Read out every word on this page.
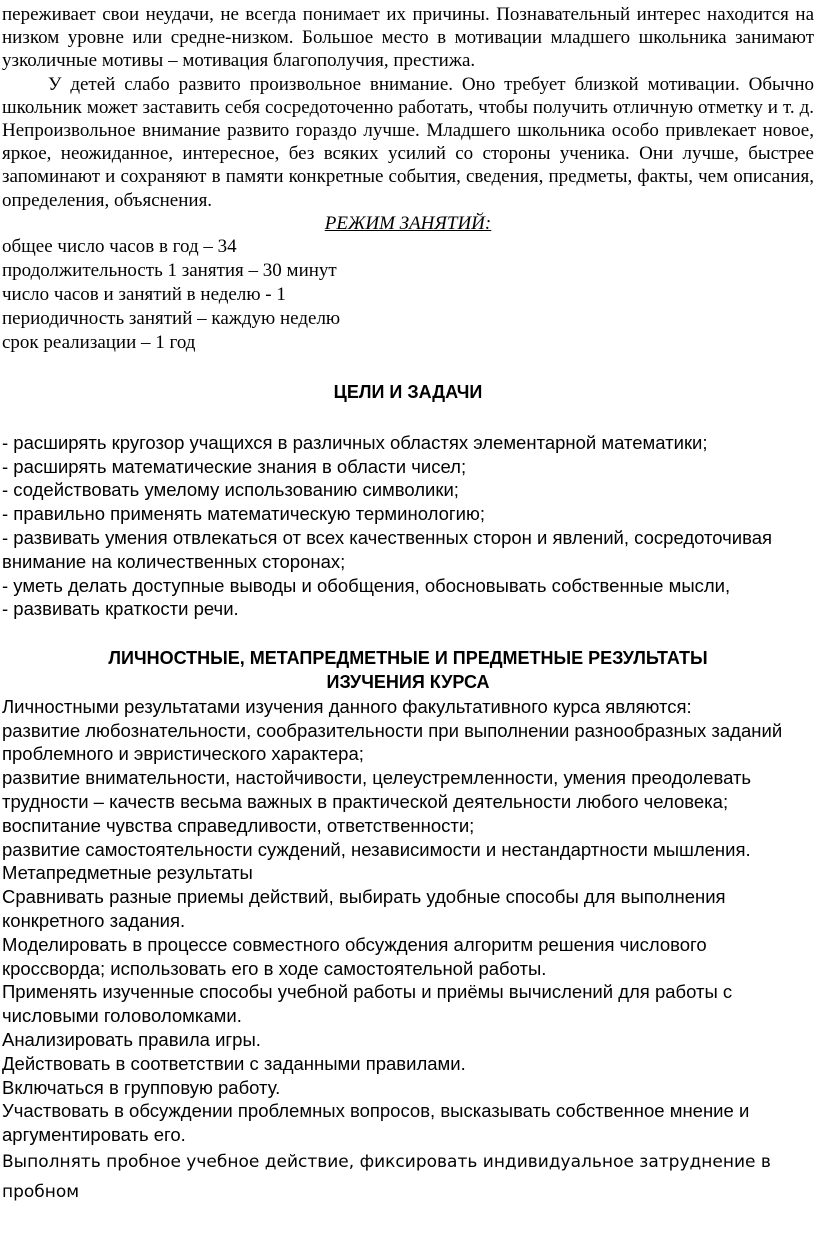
переживает свои неудачи, не всегда понимает их причины. Познавательный интерес находится на низком уровне или средне-низком. Большое место в мотивации младшего школьника занимают узколичные мотивы – мотивация благополучия, престижа.

У детей слабо развито произвольное внимание. Оно требует близкой мотивации. Обычно школьник может заставить себя сосредоточенно работать, чтобы получить отличную отметку и т. д. Непроизвольное внимание развито гораздо лучше. Младшего школьника особо привлекает новое, яркое, неожиданное, интересное, без всяких усилий со стороны ученика. Они лучше, быстрее запоминают и сохраняют в памяти конкретные события, сведения, предметы, факты, чем описания, определения, объяснения.

РЕЖИМ ЗАНЯТИЙ:

общее число часов в год – 34
продолжительность 1 занятия – 30 минут
число часов и занятий в неделю - 1
периодичность занятий – каждую неделю
срок реализации – 1 год

ЦЕЛИ И ЗАДАЧИ

- расширять кругозор учащихся в различных областях элементарной математики;
- расширять математические знания в области чисел;
- содействовать умелому использованию символики;
- правильно применять математическую терминологию;
- развивать умения отвлекаться от всех качественных сторон и явлений, сосредоточивая внимание на количественных сторонах;
- уметь делать доступные выводы и обобщения, обосновывать собственные мысли,
- развивать краткости речи.

ЛИЧНОСТНЫЕ, МЕТАПРЕДМЕТНЫЕ И ПРЕДМЕТНЫЕ РЕЗУЛЬТАТЫ

ИЗУЧЕНИЯ КУРСА

Личностными результатами изучения данного факультативного курса являются:

развитие любознательности, сообразительности при выполнении разнообразных заданий проблемного и эвристического характера;

развитие внимательности, настойчивости, целеустремленности, умения преодолевать трудности – качеств весьма важных в практической деятельности любого человека;

воспитание чувства справедливости, ответственности;

развитие самостоятельности суждений, независимости и нестандартности мышления.

Метапредметные результаты

Сравнивать разные приемы действий, выбирать удобные способы для выполнения конкретного задания.

Моделировать в процессе совместного обсуждения алгоритм решения числового кроссворда; использовать его в ходе самостоятельной работы.

Применять изученные способы учебной работы и приёмы вычислений для работы с числовыми головоломками.

Анализировать правила игры.

Действовать в соответствии с заданными правилами.

Включаться в групповую работу.

Участвовать в обсуждении проблемных вопросов, высказывать собственное мнение и аргументировать его.

Выполнять пробное учебное действие, фиксировать индивидуальное затруднение в пробном
